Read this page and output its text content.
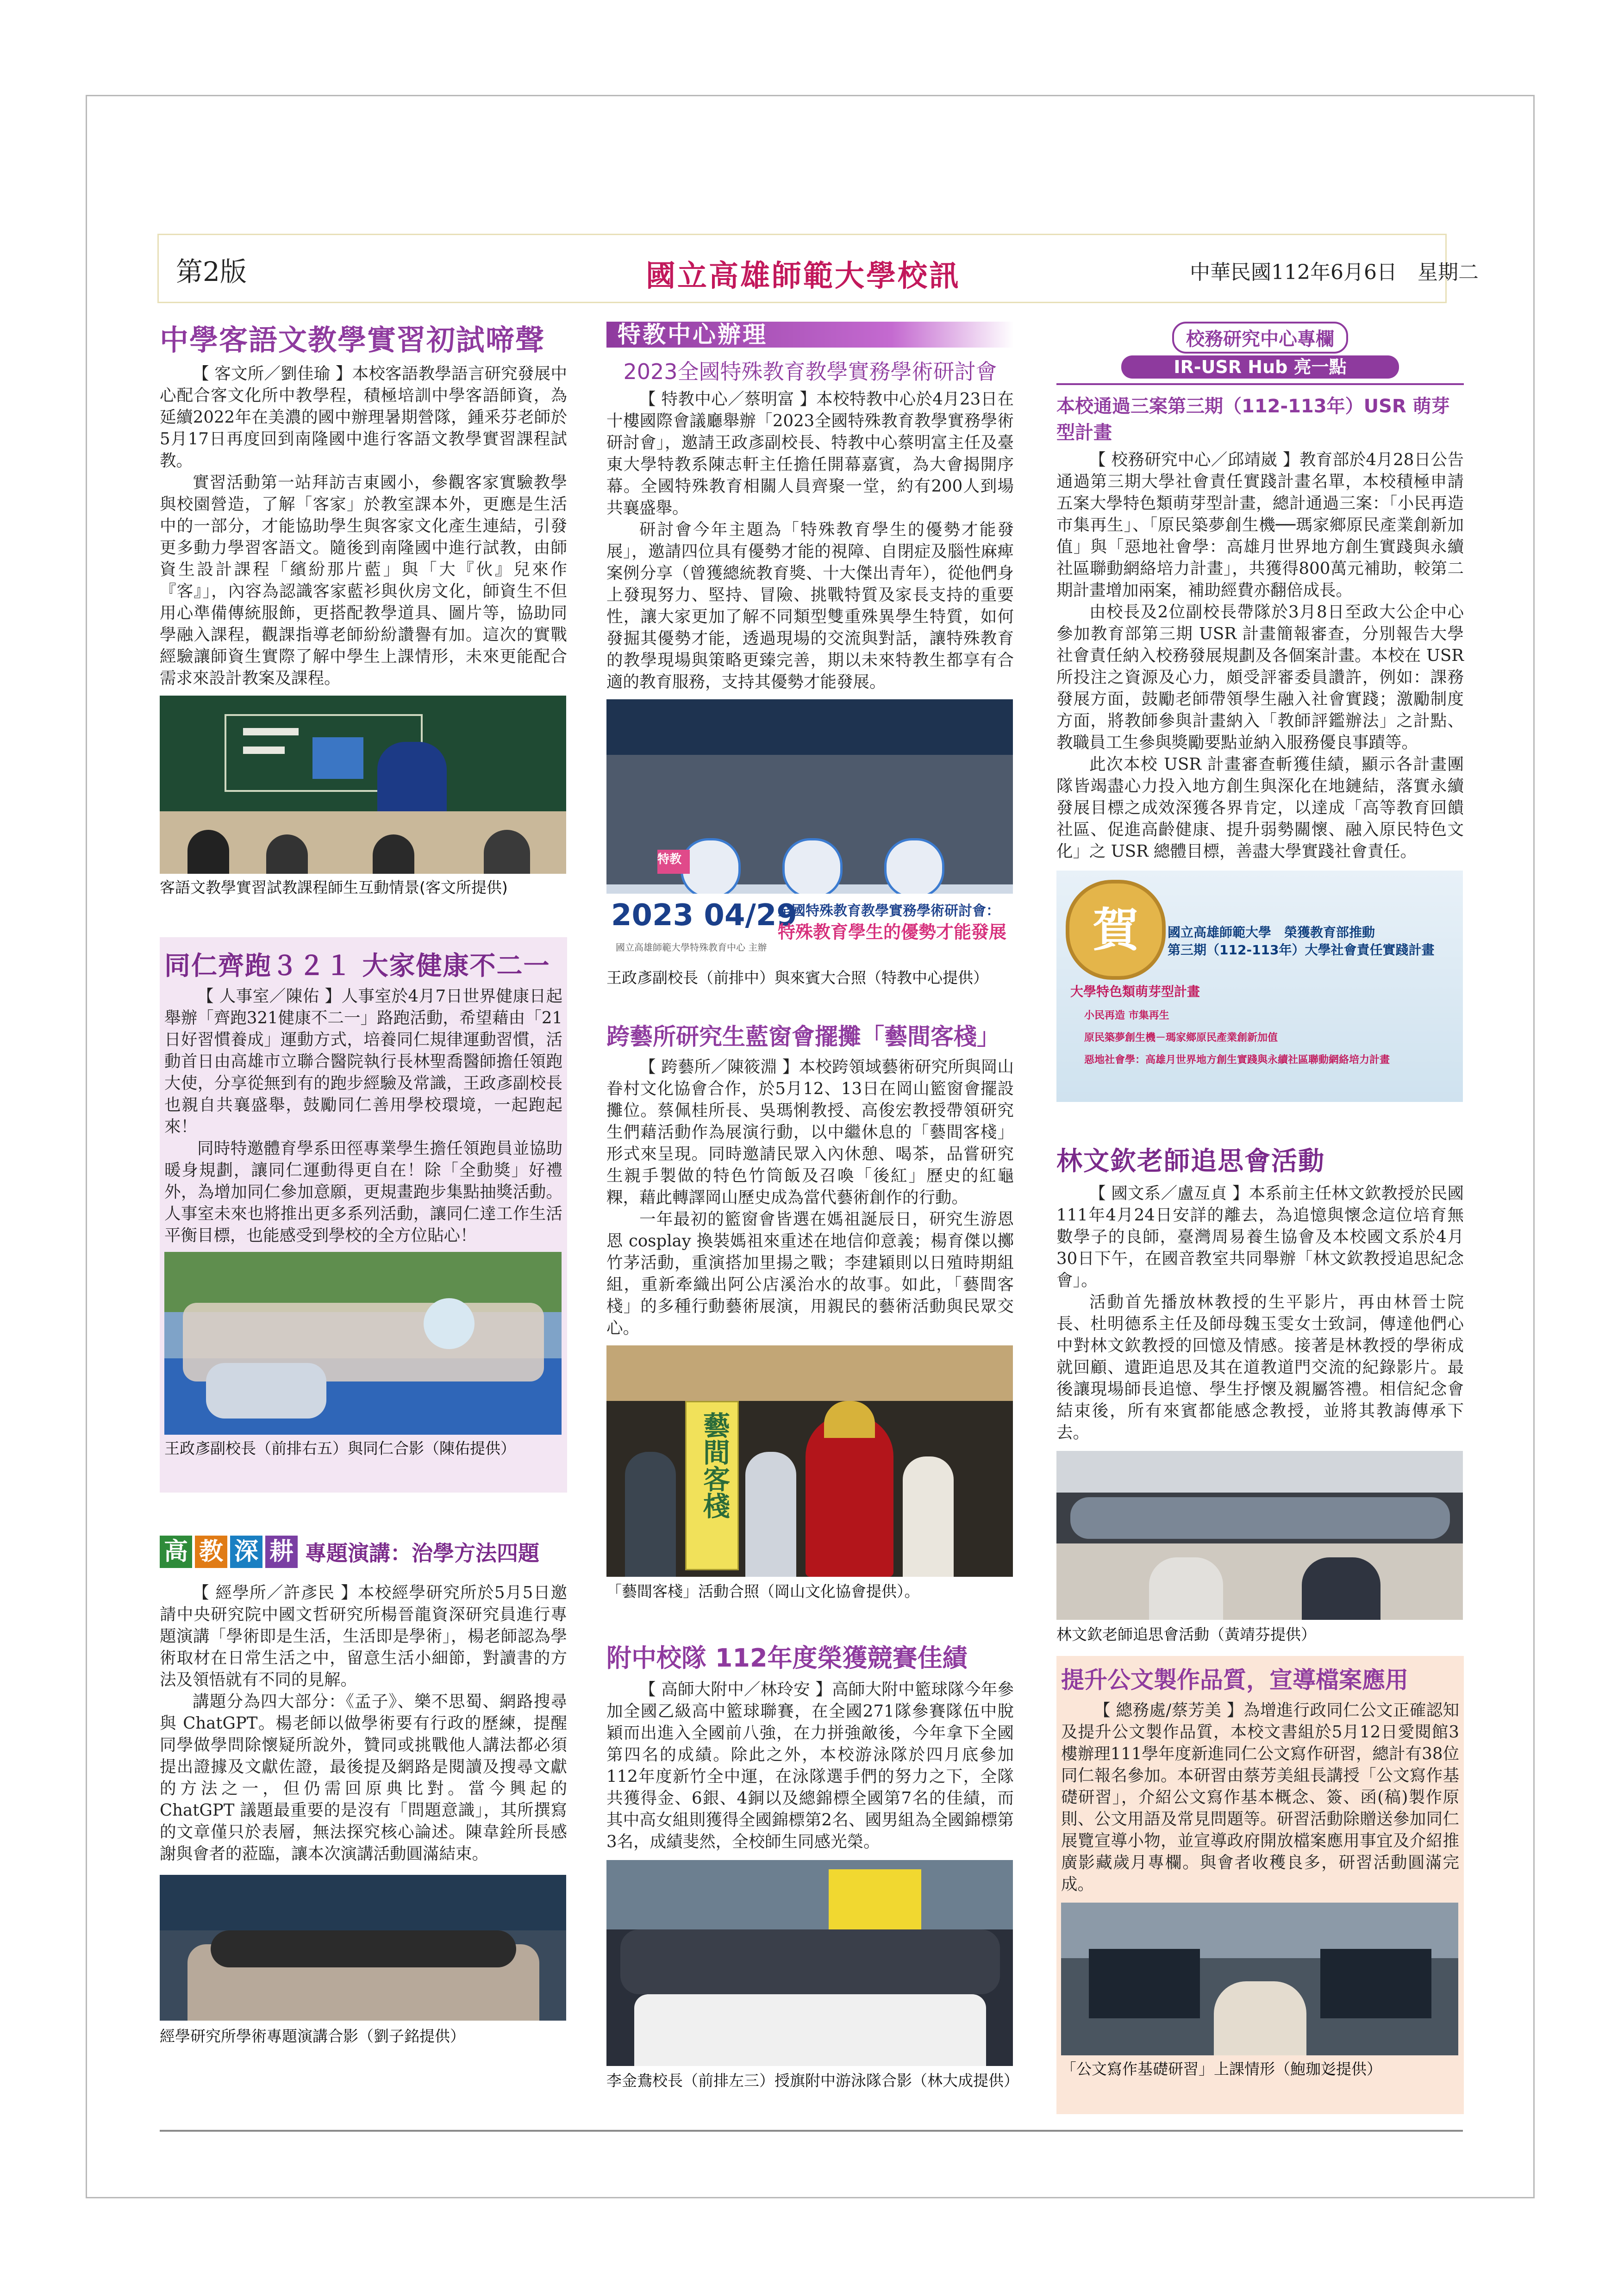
第2版	國立高雄師範大學校訊	中華民國112年6月6日　星期二
中學客語文教學實習初試啼聲

【 客文所／劉佳瑜 】本校客語教學語言研究發展中心配合客文化所中教學程，積極培訓中學客語師資，為延續2022年在美濃的國中辦理暑期營隊，鍾釆芬老師於5月17日再度回到南隆國中進行客語文教學實習課程試教。

實習活動第一站拜訪吉東國小，參觀客家實驗教學與校園營造，了解「客家」於教室課本外，更應是生活中的一部分，才能協助學生與客家文化產生連結，引發更多動力學習客語文。隨後到南隆國中進行試教，由師資生設計課程「繽紛那片藍」與「大『伙』兒來作『客』」，內容為認識客家藍衫與伙房文化，師資生不但用心準備傳統服飾，更搭配教學道具、圖片等，協助同學融入課程，觀課指導老師紛紛讚譽有加。這次的實戰經驗讓師資生實際了解中學生上課情形，未來更能配合需求來設計教案及課程。

客語文教學實習試教課程師生互動情景(客文所提供)
同仁齊跑３２１ 大家健康不二一

【 人事室／陳佑 】人事室於4月7日世界健康日起舉辦「齊跑321健康不二一」路跑活動，希望藉由「21日好習慣養成」運動方式，培養同仁規律運動習慣，活動首日由高雄市立聯合醫院執行長林聖喬醫師擔任領跑大使，分享從無到有的跑步經驗及常識，王政彥副校長也親自共襄盛舉，鼓勵同仁善用學校環境，一起跑起來！

同時特邀體育學系田徑專業學生擔任領跑員並協助暖身規劃，讓同仁運動得更自在！除「全動獎」好禮外，為增加同仁參加意願，更規畫跑步集點抽獎活動。人事室未來也將推出更多系列活動，讓同仁達工作生活平衡目標，也能感受到學校的全方位貼心！

王政彥副校長（前排右五）與同仁合影（陳佑提供）
高 教 深 耕 專題演講：治學方法四題

【 經學所／許彥民 】本校經學研究所於5月5日邀請中央研究院中國文哲研究所楊晉龍資深研究員進行專題演講「學術即是生活，生活即是學術」，楊老師認為學術取材在日常生活之中，留意生活小細節，對讀書的方法及領悟就有不同的見解。

講題分為四大部分：《孟子》、樂不思蜀、網路搜尋與 ChatGPT。楊老師以做學術要有行政的歷練，提醒同學做學問除懷疑所說外，贊同或挑戰他人講法都必須提出證據及文獻佐證，最後提及網路是閱讀及搜尋文獻的方法之一，但仍需回原典比對。當今興起的 ChatGPT 議題最重要的是沒有「問題意識」，其所撰寫的文章僅只於表層，無法探究核心論述。陳韋銓所長感謝與會者的蒞臨，讓本次演講活動圓滿結束。

經學研究所學術專題演講合影（劉子銘提供）
特教中心辦理
2023全國特殊教育教學實務學術研討會

【 特教中心／蔡明富 】本校特教中心於4月23日在十樓國際會議廳舉辦「2023全國特殊教育教學實務學術研討會」，邀請王政彥副校長、特教中心蔡明富主任及臺東大學特教系陳志軒主任擔任開幕嘉賓，為大會揭開序幕。全國特殊教育相關人員齊聚一堂，約有200人到場共襄盛舉。

研討會今年主題為「特殊教育學生的優勢才能發展」，邀請四位具有優勢才能的視障、自閉症及腦性麻痺案例分享（曾獲總統教育獎、十大傑出青年），從他們身上發現努力、堅持、冒險、挑戰特質及家長支持的重要性，讓大家更加了解不同類型雙重殊異學生特質，如何發掘其優勢才能，透過現場的交流與對話，讓特殊教育的教學現場與策略更臻完善，期以未來特教生都享有合適的教育服務，支持其優勢才能發展。

特教
2023 04/29
全國特殊教育教學實務學術研討會：
特殊教育學生的優勢才能發展
國立高雄師範大學特殊教育中心 主辦
王政彥副校長（前排中）與來賓大合照（特教中心提供）
跨藝所研究生藍窗會擺攤「藝間客棧」

【 跨藝所／陳筱淵 】本校跨領域藝術研究所與岡山眷村文化協會合作，於5月12、13日在岡山籃窗會擺設攤位。蔡佩桂所長、吳瑪悧教授、高俊宏教授帶領研究生們藉活動作為展演行動，以中繼休息的「藝間客棧」形式來呈現。同時邀請民眾入內休憩、喝茶，品嘗研究生親手製做的特色竹筒飯及召喚「後紅」歷史的紅龜粿，藉此轉譯岡山歷史成為當代藝術創作的行動。

一年最初的籃窗會皆選在媽祖誕辰日，研究生游恩恩 cosplay 換裝媽祖來重述在地信仰意義；楊育傑以擲竹茅活動，重演搭加里揚之戰；李建穎則以日殖時期組組，重新牽織出阿公店溪治水的故事。如此，「藝間客棧」的多種行動藝術展演，用親民的藝術活動與民眾交心。

藝間客棧
「藝間客棧」活動合照（岡山文化協會提供）。
附中校隊 112年度榮獲競賽佳績

【 高師大附中／林玲安 】高師大附中籃球隊今年參加全國乙級高中籃球聯賽，在全國271隊參賽隊伍中脫穎而出進入全國前八強，在力拼強敵後，今年拿下全國第四名的成績。除此之外，本校游泳隊於四月底參加112年度新竹全中運，在泳隊選手們的努力之下，全隊共獲得金、6銀、4銅以及總錦標全國第7名的佳績，而其中高女組則獲得全國錦標第2名、國男組為全國錦標第3名，成績斐然，全校師生同感光榮。

李金鴦校長（前排左三）授旗附中游泳隊合影（林大成提供）
校務研究中心專欄
IR-USR Hub 亮一點
本校通過三案第三期（112-113年）USR 萌芽型計畫

【 校務研究中心／邱靖崴 】教育部於4月28日公告通過第三期大學社會責任實踐計畫名單，本校積極申請五案大學特色類萌芽型計畫，總計通過三案：「小民再造 市集再生」、「原民築夢創生機──瑪家鄉原民產業創新加值」與「惡地社會學：高雄月世界地方創生實踐與永續社區聯動網絡培力計畫」，共獲得800萬元補助，較第二期計畫增加兩案，補助經費亦翻倍成長。

由校長及2位副校長帶隊於3月8日至政大公企中心參加教育部第三期 USR 計畫簡報審查，分別報告大學社會責任納入校務發展規劃及各個案計畫。本校在 USR 所投注之資源及心力，頗受評審委員讚許，例如：課務發展方面，鼓勵老師帶領學生融入社會實踐；激勵制度方面，將教師參與計畫納入「教師評鑑辦法」之計點、教職員工生參與獎勵要點並納入服務優良事蹟等。

此次本校 USR 計畫審查斬獲佳績，顯示各計畫團隊皆竭盡心力投入地方創生與深化在地鏈結，落實永續發展目標之成效深獲各界肯定，以達成「高等教育回饋社區、促進高齡健康、提升弱勢關懷、融入原民特色文化」之 USR 總體目標，善盡大學實踐社會責任。

賀	國立高雄師範大學　榮獲教育部推動
第三期（112-113年）大學社會責任實踐計畫
大學特色類萌芽型計畫
小民再造 市集再生
原民築夢創生機－瑪家鄉原民產業創新加值
惡地社會學：高雄月世界地方創生實踐與永續社區聯動網絡培力計畫
林文欽老師追思會活動

【 國文系／盧亙貞 】本系前主任林文欽教授於民國111年4月24日安詳的離去，為追憶與懷念這位培育無數學子的良師，臺灣周易養生協會及本校國文系於4月30日下午，在國音教室共同舉辦「林文欽教授追思紀念會」。

活動首先播放林教授的生平影片，再由林晉士院長、杜明德系主任及師母魏玉雯女士致詞，傳達他們心中對林文欽教授的回憶及情感。接著是林教授的學術成就回顧、遺距追思及其在道教道門交流的紀錄影片。最後讓現場師長追憶、學生抒懷及親屬答禮。相信紀念會結束後，所有來賓都能感念教授，並將其教誨傳承下去。

林文欽老師追思會活動（黃靖芬提供）
提升公文製作品質，宣導檔案應用

【 總務處/蔡芳美 】為增進行政同仁公文正確認知及提升公文製作品質，本校文書組於5月12日愛閱館3樓辦理111學年度新進同仁公文寫作研習，總計有38位同仁報名參加。本研習由蔡芳美組長講授「公文寫作基礎研習」，介紹公文寫作基本概念、簽、函(稿)製作原則、公文用語及常見問題等。研習活動除贈送參加同仁展覽宣導小物，並宣導政府開放檔案應用事宜及介紹推廣影藏歲月專欄。與會者收穫良多，研習活動圓滿完成。

「公文寫作基礎研習」上課情形（鮑珈彣提供）
